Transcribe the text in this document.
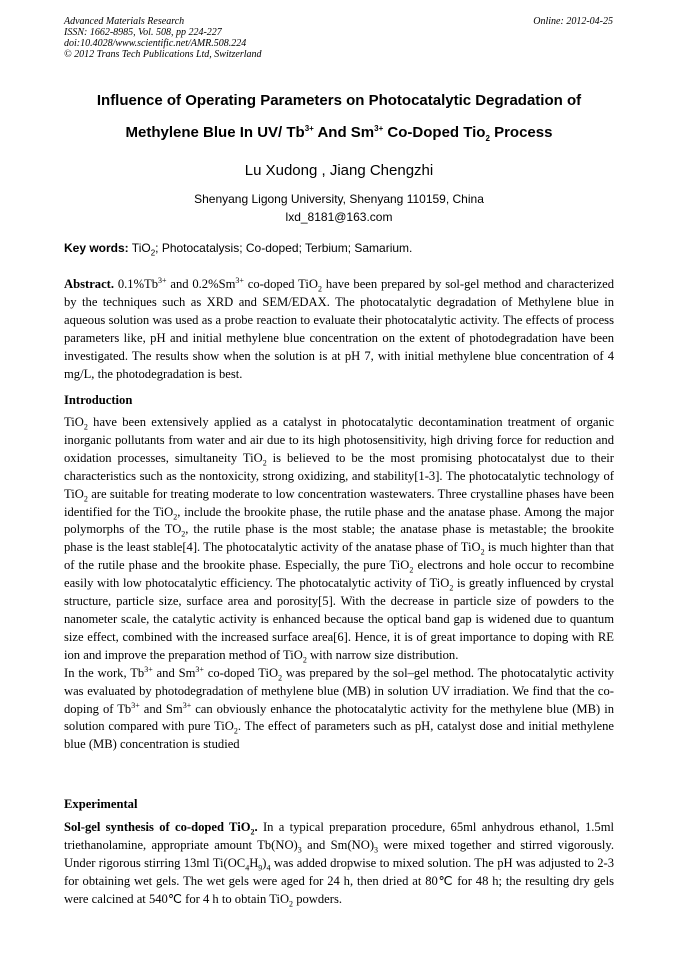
Advanced Materials Research
ISSN: 1662-8985, Vol. 508, pp 224-227
doi:10.4028/www.scientific.net/AMR.508.224
© 2012 Trans Tech Publications Ltd, Switzerland
Online: 2012-04-25
Influence of Operating Parameters on Photocatalytic Degradation of
Methylene Blue In UV/ $Tb^{3+}$ And $Sm^{3+}$ Co-Doped Tio$_2$ Process
Lu Xudong , Jiang Chengzhi
Shenyang Ligong University, Shenyang 110159, China
lxd_8181@163.com
Key words: TiO$_2$; Photocatalysis; Co-doped; Terbium; Samarium.
Abstract. $0.1\%Tb^{3+}$ and $0.2\%Sm^{3+}$ co-doped TiO$_2$ have been prepared by sol-gel method and characterized by the techniques such as XRD and SEM/EDAX. The photocatalytic degradation of Methylene blue in aqueous solution was used as a probe reaction to evaluate their photocatalytic activity. The effects of process parameters like, pH and initial methylene blue concentration on the extent of photodegradation have been investigated. The results show when the solution is at pH 7, with initial methylene blue concentration of 4 mg/L, the photodegradation is best.
Introduction
TiO$_2$ have been extensively applied as a catalyst in photocatalytic decontamination treatment of organic inorganic pollutants from water and air due to its high photosensitivity, high driving force for reduction and oxidation processes, simultaneity TiO$_2$ is believed to be the most promising photocatalyst due to their characteristics such as the nontoxicity, strong oxidizing, and stability[1-3]. The photocatalytic technology of TiO$_2$ are suitable for treating moderate to low concentration wastewaters. Three crystalline phases have been identified for the TiO$_2$, include the brookite phase, the rutile phase and the anatase phase. Among the major polymorphs of the $TO_2$, the rutile phase is the most stable; the anatase phase is metastable; the brookite phase is the least stable[4]. The photocatalytic activity of the anatase phase of TiO$_2$ is much highter than that of the rutile phase and the brookite phase. Especially, the pure TiO$_2$ electrons and hole occur to recombine easily with low photocatalytic efficiency. The photocatalytic activity of TiO$_2$ is greatly influenced by crystal structure, particle size, surface area and porosity[5]. With the decrease in particle size of powders to the nanometer scale, the catalytic activity is enhanced because the optical band gap is widened due to quantum size effect, combined with the increased surface area[6]. Hence, it is of great importance to doping with RE ion and improve the preparation method of TiO$_2$ with narrow size distribution.
In the work, $Tb^{3+}$ and $Sm^{3+}$ co-doped TiO$_2$ was prepared by the sol–gel method. The photocatalytic activity was evaluated by photodegradation of methylene blue (MB) in solution UV irradiation. We find that the co-doping of $Tb^{3+}$ and $Sm^{3+}$ can obviously enhance the photocatalytic activity for the methylene blue (MB) in solution compared with pure TiO$_2$. The effect of parameters such as pH, catalyst dose and initial methylene blue (MB) concentration is studied
Experimental
Sol-gel synthesis of co-doped TiO$_2$. In a typical preparation procedure, 65ml anhydrous ethanol, 1.5ml triethanolamine, appropriate amount $Tb(NO)_3$ and $Sm(NO)_3$ were mixed together and stirred vigorously. Under rigorous stirring 13ml $Ti(OC_4H_9)_4$ was added dropwise to mixed solution. The pH was adjusted to 2-3 for obtaining wet gels. The wet gels were aged for 24 h, then dried at 80℃ for 48 h; the resulting dry gels were calcined at 540℃ for 4 h to obtain TiO$_2$ powders.
